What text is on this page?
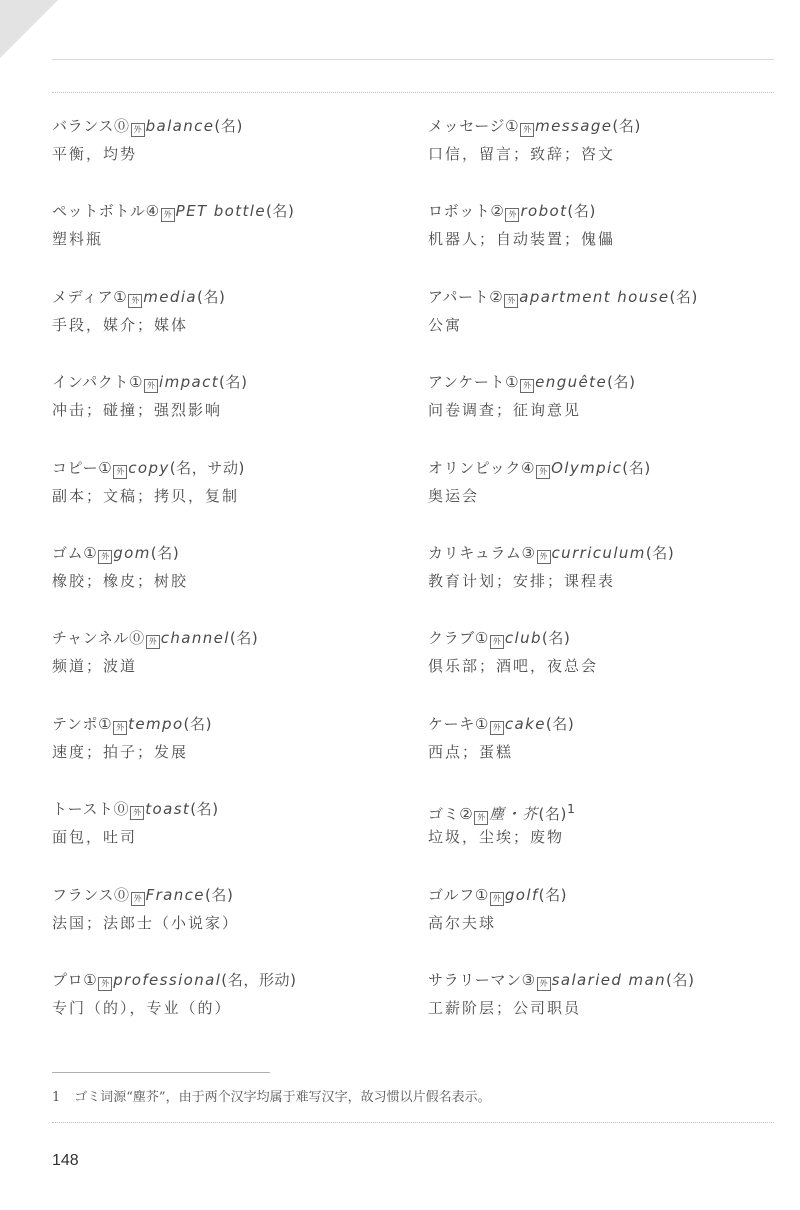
バランス⓪ 外 balance(名)
平衡，均势
ペットボトル④ 外 PET bottle(名)
塑料瓶
メディア① 外 media(名)
手段，媒介；媒体
インパクト① 外 impact(名)
冲击；碰撞；强烈影响
コピー① 外 copy(名，サ动)
副本；文稿；拷贝，复制
ゴム① 外 gom(名)
橡胶；橡皮；树胶
チャンネル⓪ 外 channel(名)
频道；波道
テンポ① 外 tempo(名)
速度；拍子；发展
トースト⓪ 外 toast(名)
面包，吐司
フランス⓪ 外 France(名)
法国；法郎士（小说家）
プロ① 外 professional(名，形动)
专门（的），专业（的）
メッセージ① 外 message(名)
口信，留言；致辞；咨文
ロボット② 外 robot(名)
机器人；自动装置；傀儡
アパート② 外 apartment house(名)
公寓
アンケート① 外 enguête(名)
问卷调查；征询意见
オリンピック④ 外 Olympic(名)
奥运会
カリキュラム③ 外 curriculum(名)
教育计划；安排；课程表
クラブ① 外 club(名)
俱乐部；酒吧，夜总会
ケーキ① 外 cake(名)
西点；蛋糕
ゴミ② 外 塵・芥(名)$^1$
垃圾，尘埃；废物
ゴルフ① 外 golf(名)
高尔夫球
サラリーマン③ 外 salaried man(名)
工薪阶层；公司职员
1 ゴミ词源“塵芥”，由于两个汉字均属于难写汉字，故习惯以片假名表示。
148
